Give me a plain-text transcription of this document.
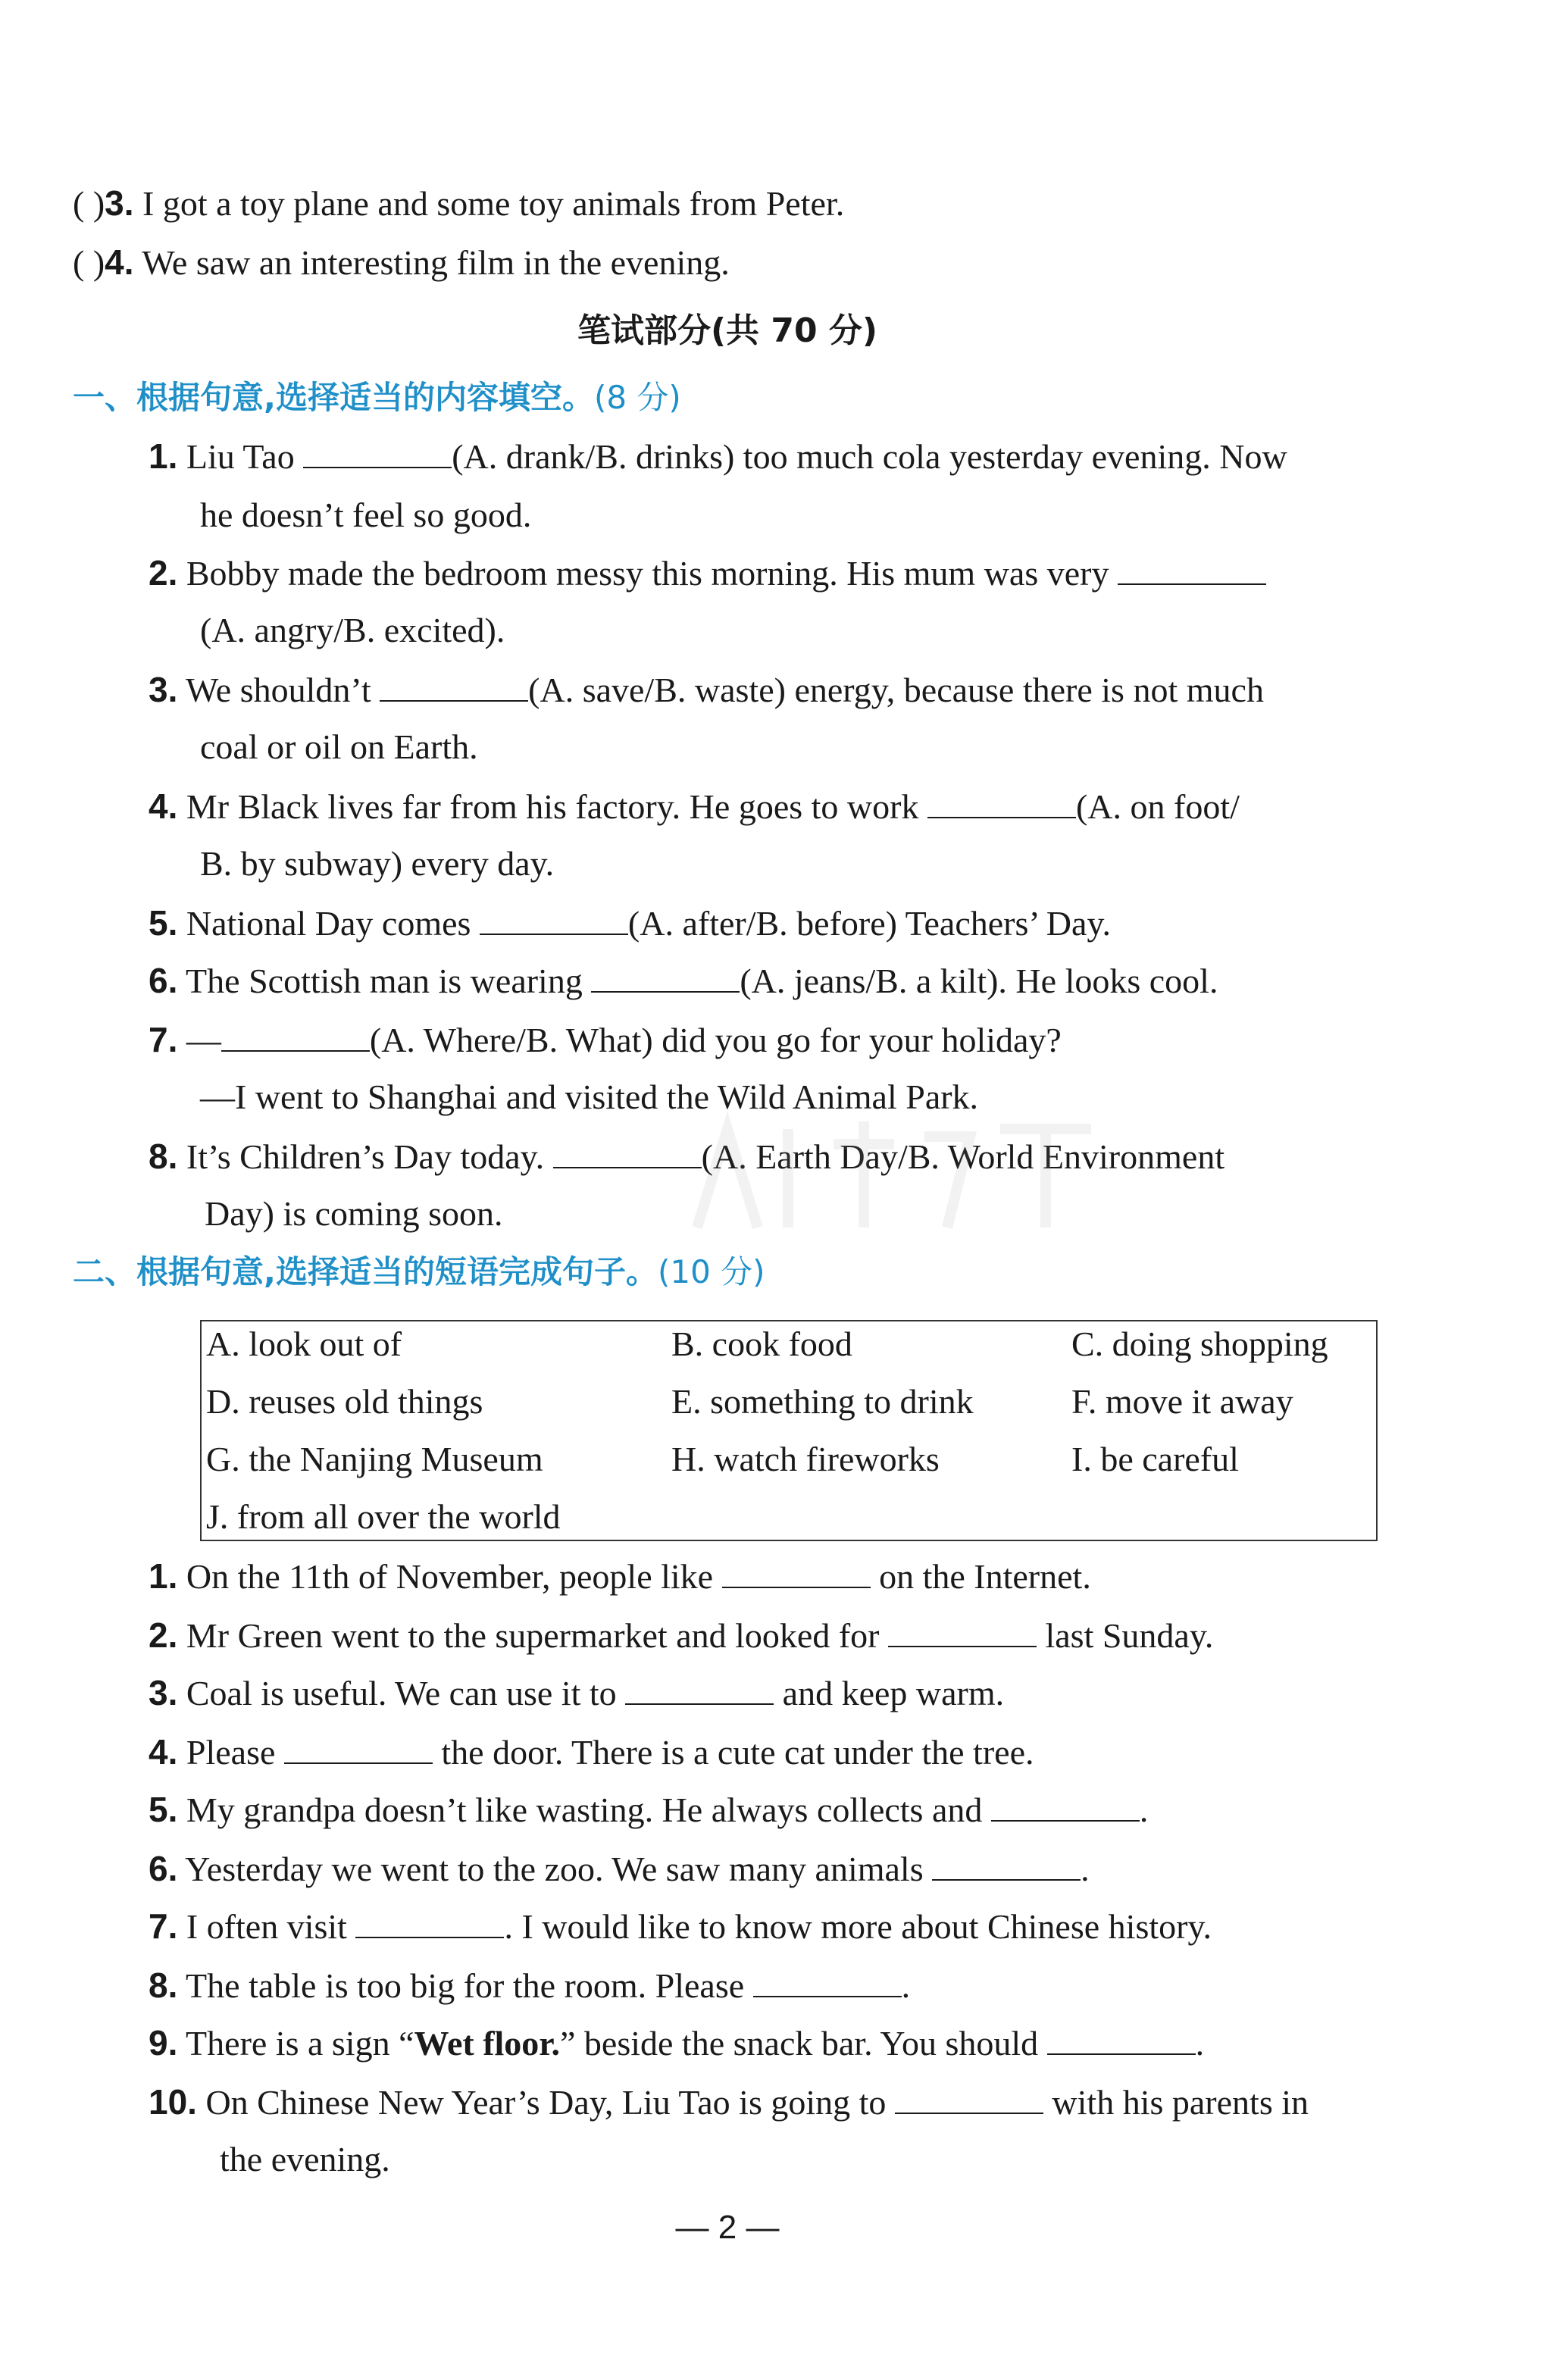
( )3. I got a toy plane and some toy animals from Peter.
( )4. We saw an interesting film in the evening.
笔试部分(共 70 分)
一、根据句意,选择适当的内容填空。(8 分)
1. Liu Tao	(A. drank/B. drinks) too much cola yesterday evening. Now
he doesn’t feel so good.
2. Bobby made the bedroom messy this morning. His mum was very
(A. angry/B. excited).
3. We shouldn’t	(A. save/B. waste) energy, because there is not much
coal or oil on Earth.
4. Mr Black lives far from his factory. He goes to work	(A. on foot/
B. by subway) every day.
5. National Day comes	(A. after/B. before) Teachers’ Day.
6. The Scottish man is wearing	(A. jeans/B. a kilt). He looks cool.
7. —	(A. Where/B. What) did you go for your holiday?
—I went to Shanghai and visited the Wild Animal Park.
8. It’s Children’s Day today.	(A. Earth Day/B. World Environment
Day) is coming soon.
二、根据句意,选择适当的短语完成句子。(10 分)
A. look out of	B. cook food	C. doing shopping
D. reuses old things	E. something to drink	F. move it away
G. the Nanjing Museum	H. watch fireworks	I. be careful
J. from all over the world
1. On the 11th of November, people like	on the Internet.
2. Mr Green went to the supermarket and looked for	last Sunday.
3. Coal is useful. We can use it to	and keep warm.
4. Please	the door. There is a cute cat under the tree.
5. My grandpa doesn’t like wasting. He always collects and	.
6. Yesterday we went to the zoo. We saw many animals	.
7. I often visit	. I would like to know more about Chinese history.
8. The table is too big for the room. Please	.
9. There is a sign “Wet floor.” beside the snack bar. You should	.
10. On Chinese New Year’s Day, Liu Tao is going to	with his parents in
the evening.
— 2 —
